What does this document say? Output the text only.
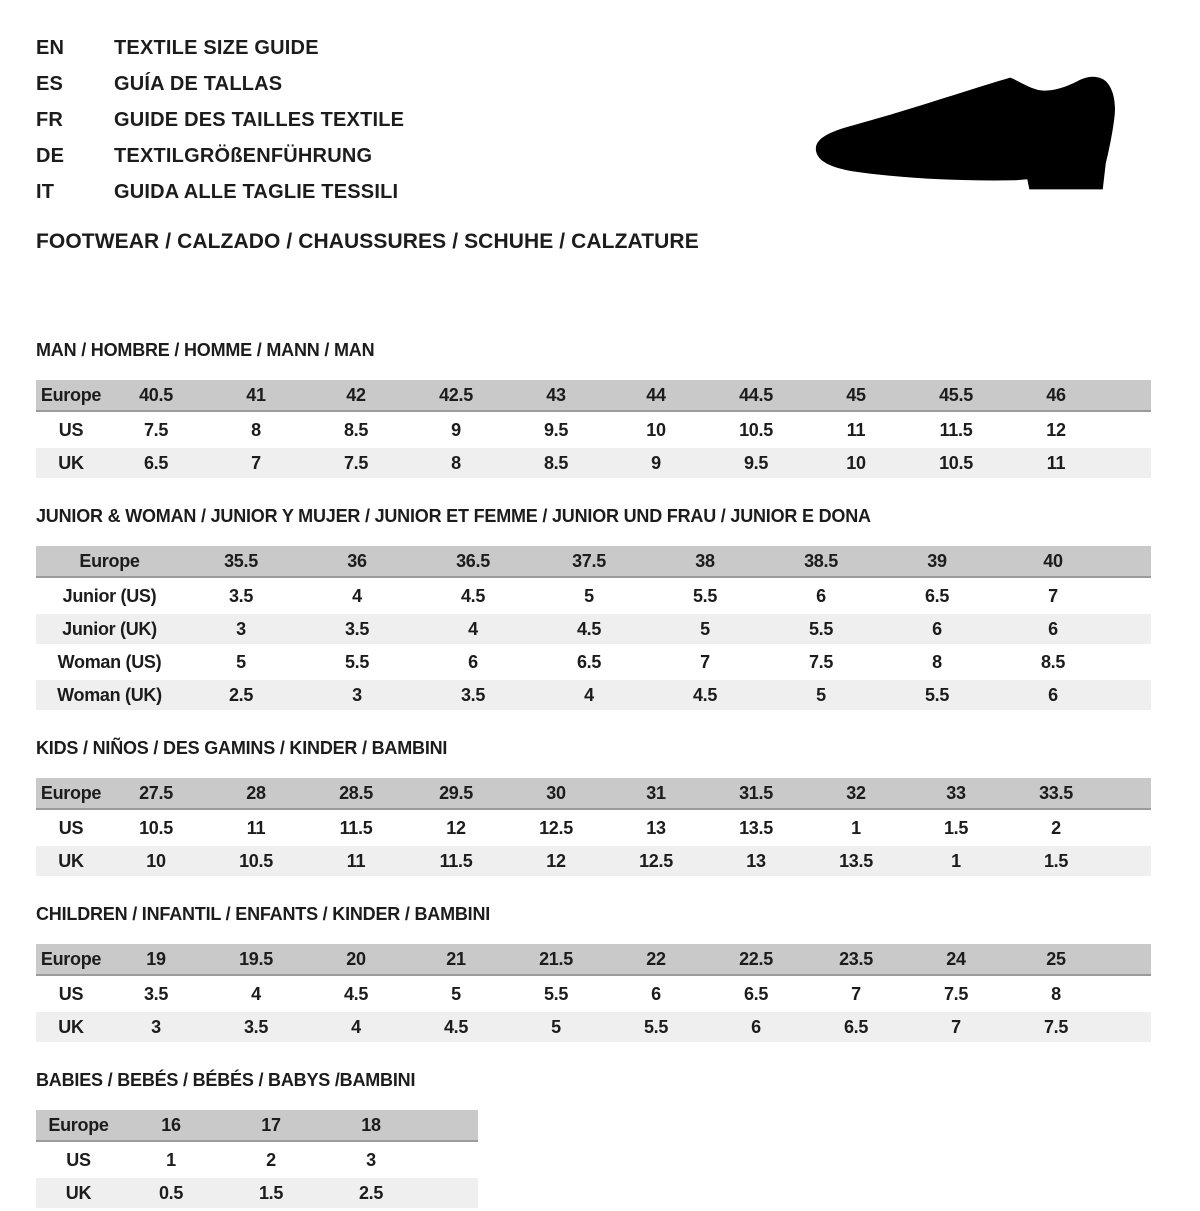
EN	TEXTILE SIZE GUIDE
ES	GUÍA DE TALLAS
FR	GUIDE DES TAILLES TEXTILE
DE	TEXTILGRÖßENFÜHRUNG
IT	GUIDA ALLE TAGLIE TESSILI
FOOTWEAR / CALZADO / CHAUSSURES / SCHUHE / CALZATURE
MAN / HOMBRE / HOMME / MANN / MAN
Europe	40.5	41	42	42.5	43	44	44.5	45	45.5	46	
US	7.5	8	8.5	9	9.5	10	10.5	11	11.5	12	
UK	6.5	7	7.5	8	8.5	9	9.5	10	10.5	11	
JUNIOR & WOMAN / JUNIOR Y MUJER / JUNIOR ET FEMME / JUNIOR UND FRAU / JUNIOR E DONA
Europe	35.5	36	36.5	37.5	38	38.5	39	40	
Junior (US)	3.5	4	4.5	5	5.5	6	6.5	7	
Junior (UK)	3	3.5	4	4.5	5	5.5	6	6	
Woman (US)	5	5.5	6	6.5	7	7.5	8	8.5	
Woman (UK)	2.5	3	3.5	4	4.5	5	5.5	6	
KIDS / NIÑOS / DES GAMINS / KINDER / BAMBINI
Europe	27.5	28	28.5	29.5	30	31	31.5	32	33	33.5	
US	10.5	11	11.5	12	12.5	13	13.5	1	1.5	2	
UK	10	10.5	11	11.5	12	12.5	13	13.5	1	1.5	
CHILDREN / INFANTIL / ENFANTS / KINDER / BAMBINI
Europe	19	19.5	20	21	21.5	22	22.5	23.5	24	25	
US	3.5	4	4.5	5	5.5	6	6.5	7	7.5	8	
UK	3	3.5	4	4.5	5	5.5	6	6.5	7	7.5	
BABIES / BEBÉS / BÉBÉS / BABYS /BAMBINI
Europe	16	17	18	
US	1	2	3	
UK	0.5	1.5	2.5	
